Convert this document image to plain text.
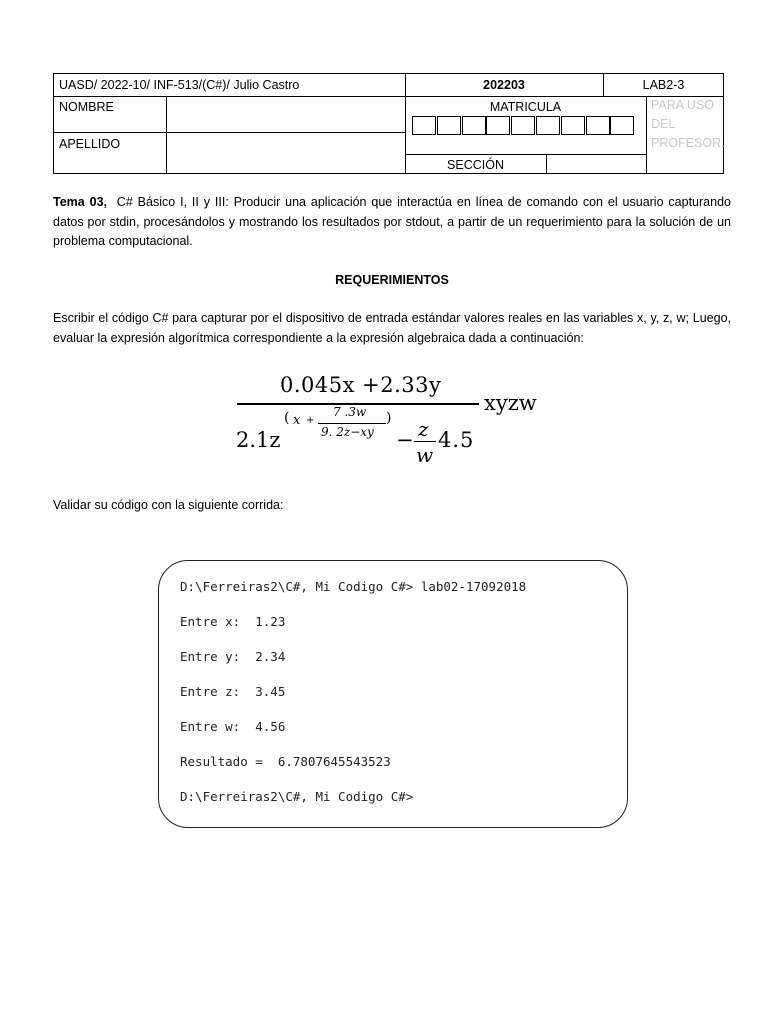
UASD/ 2022-10/ INF-513/(C#)/ Julio Castro	202203	LAB2-3
NOMBRE
APELLIDO
MATRICULA
SECCIÓN
PARA USO
DEL
PROFESOR.
Tema 03, C# Básico I, II y III: Producir una aplicación que interactúa en línea de comando con el usuario capturando datos por stdin, procesándolos y mostrando los resultados por stdout, a partir de un requerimiento para la solución de un problema computacional.
REQUERIMIENTOS
Escribir el código C# para capturar por el dispositivo de entrada estándar valores reales en las variables x, y, z, w; Luego, evaluar la expresión algorítmica correspondiente a la expresión algebraica dada a continuación:
0.045x +2.33y
xyzw
2.1z
( x +
7 .3w
9. 2z−xy
)
− z
w
4.5
Validar su código con la siguiente corrida:
D:\Ferreiras2\C#, Mi Codigo C#> lab02-17092018
Entre x:  1.23
Entre y:  2.34
Entre z:  3.45
Entre w:  4.56
Resultado =  6.7807645543523
D:\Ferreiras2\C#, Mi Codigo C#>
